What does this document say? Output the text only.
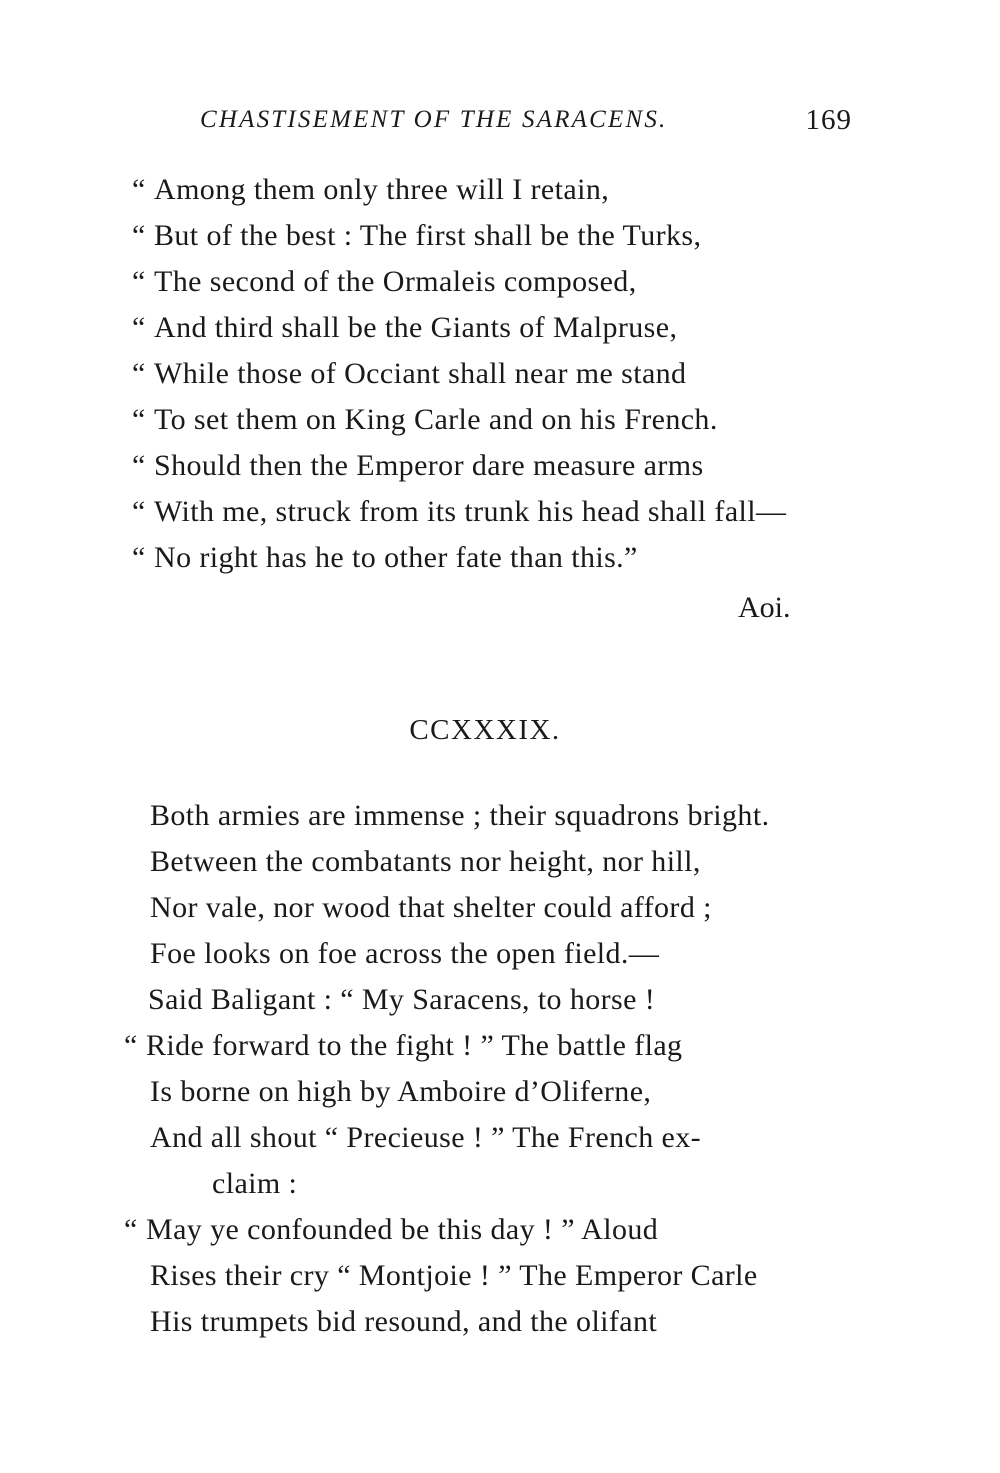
CHASTISEMENT OF THE SARACENS.	169
“ Among them only three will I retain,
“ But of the best : The first shall be the Turks,
“ The second of the Ormaleis composed,
“ And third shall be the Giants of Malpruse,
“ While those of Occiant shall near me stand
“ To set them on King Carle and on his French.
“ Should then the Emperor dare measure arms
“ With me, struck from its trunk his head shall fall—
“ No right has he to other fate than this.”
Aoi.
CCXXXIX.
Both armies are immense ; their squadrons bright.
Between the combatants nor height, nor hill,
Nor vale, nor wood that shelter could afford ;
Foe looks on foe across the open field.—
Said Baligant : “ My Saracens, to horse !
“ Ride forward to the fight ! ” The battle flag
Is borne on high by Amboire d’Oliferne,
And all shout “ Precieuse ! ” The French ex-
claim :
“ May ye confounded be this day ! ” Aloud
Rises their cry “ Montjoie ! ” The Emperor Carle
His trumpets bid resound, and the olifant
